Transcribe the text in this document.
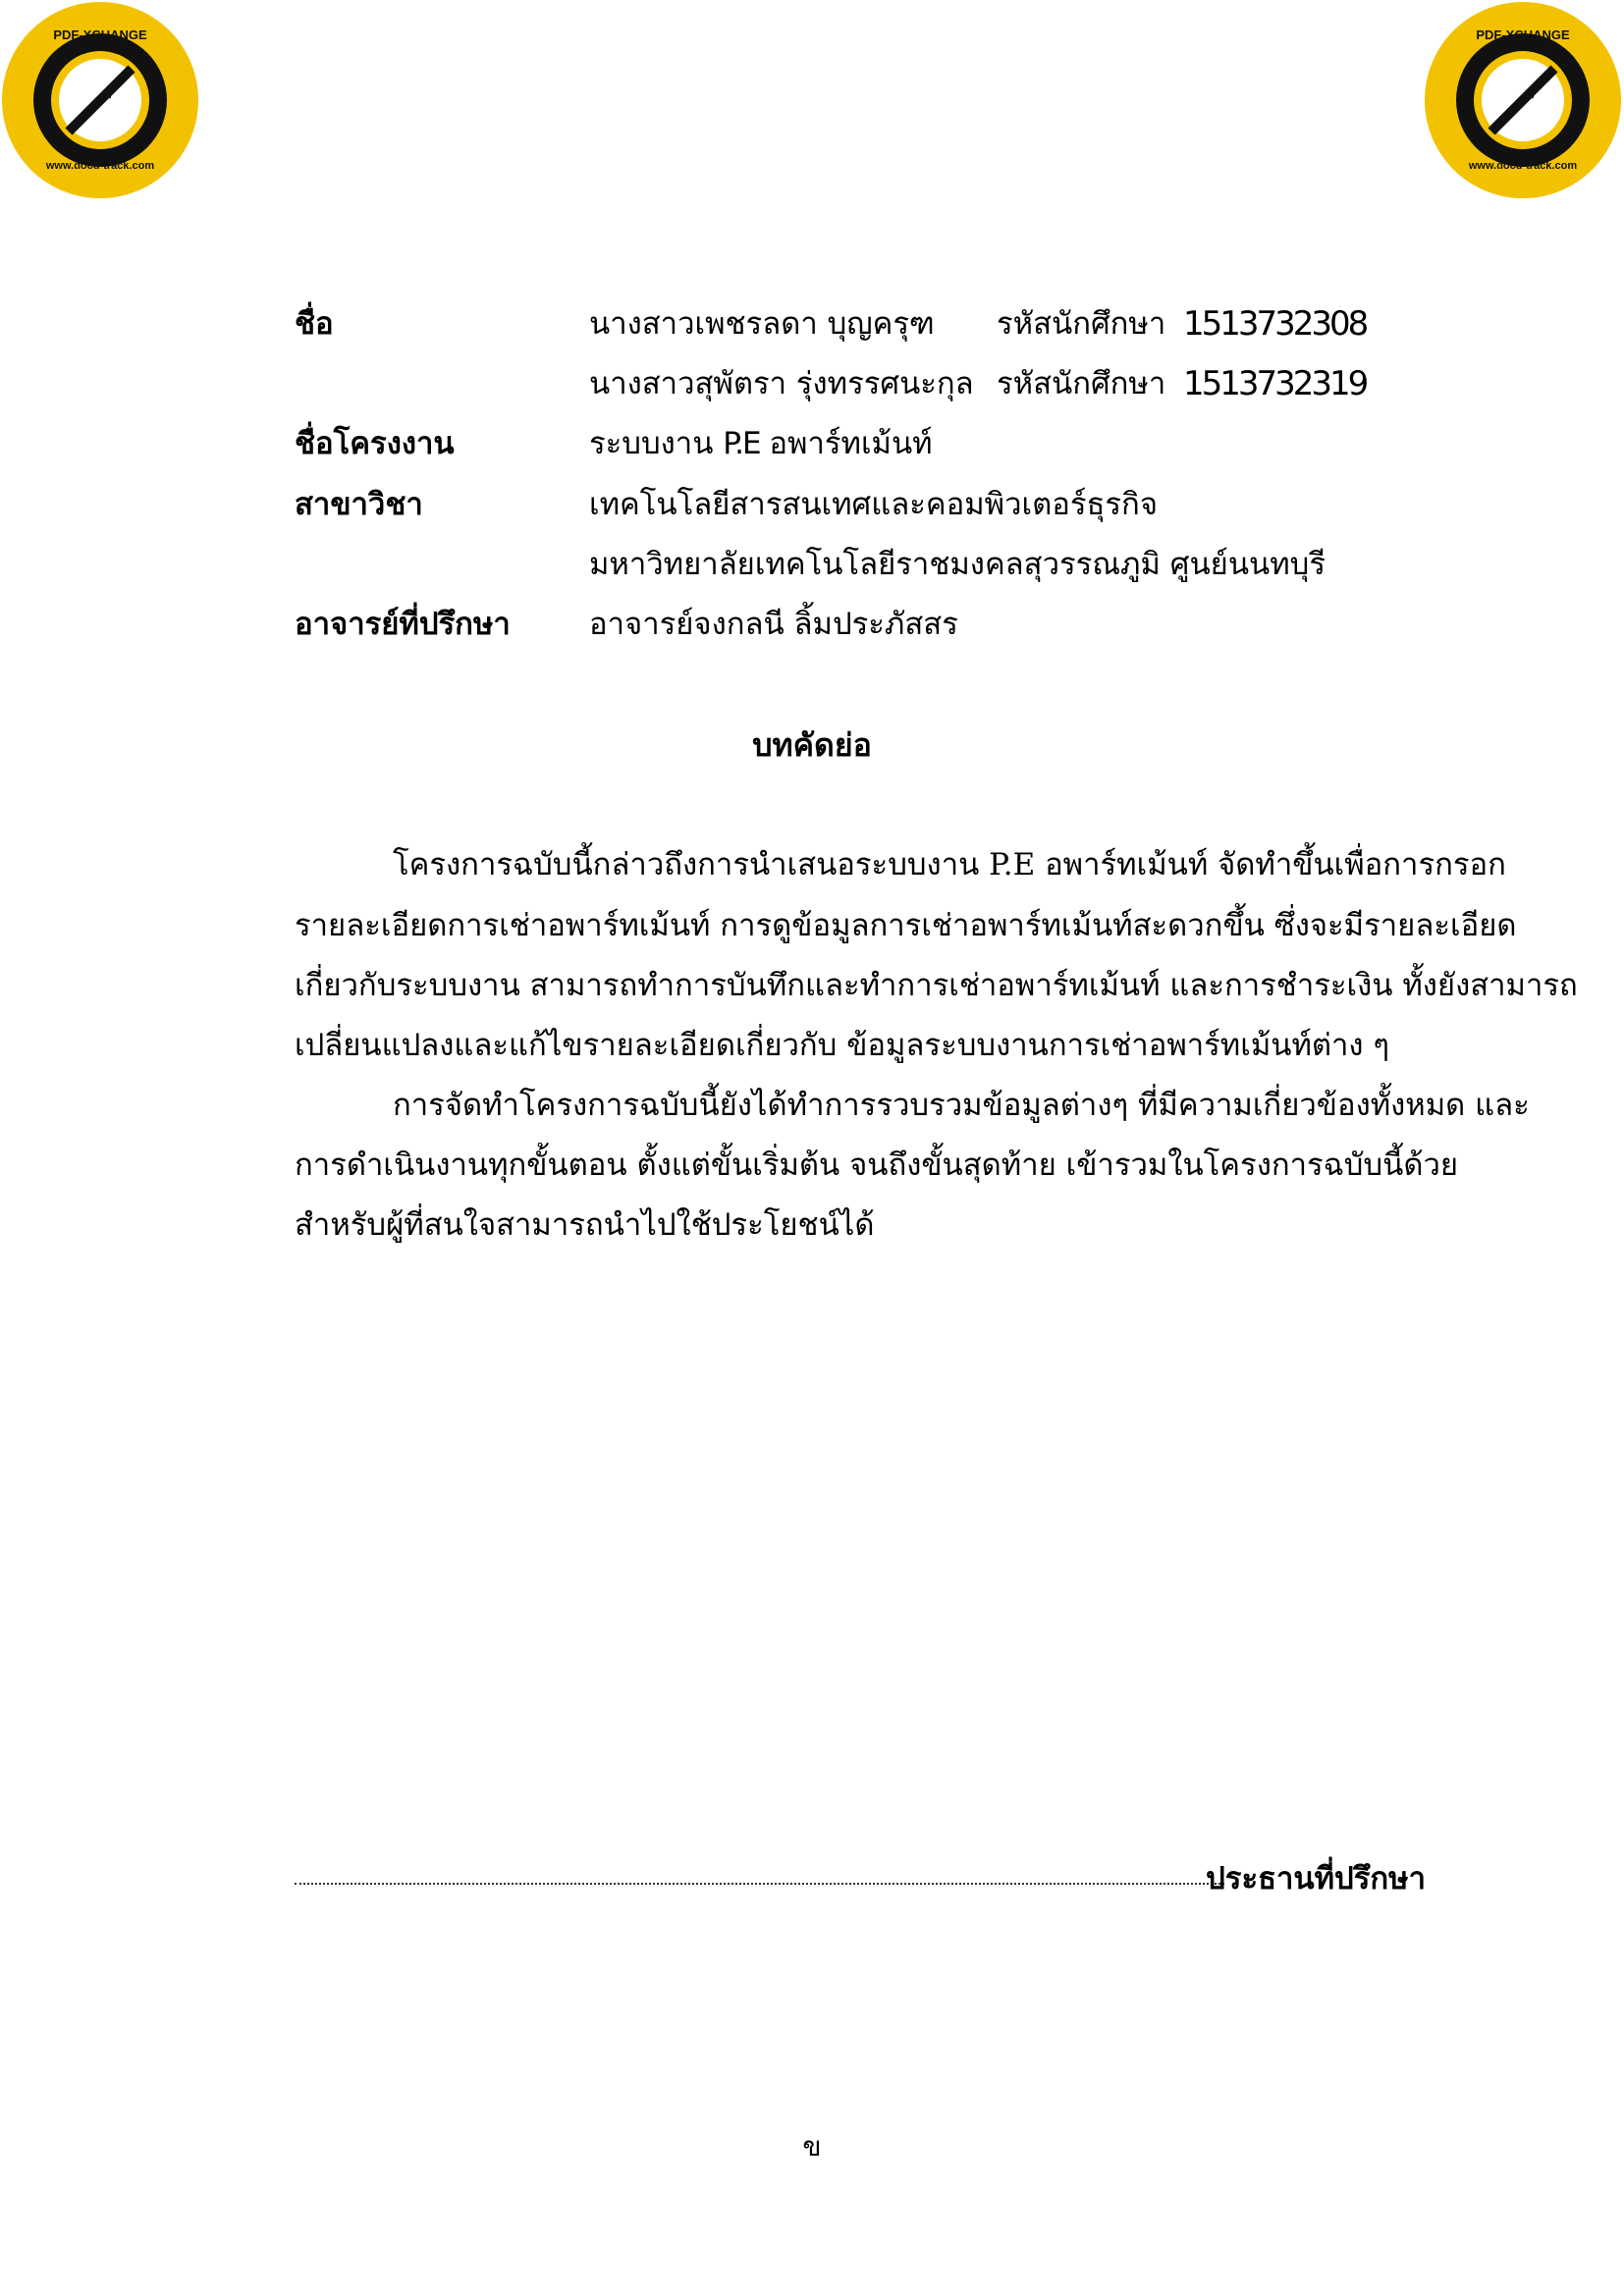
PDF-XCHANGE
Click to buy NOW!
www.docu-track.com
PDF-XCHANGE
Click to buy NOW!
www.docu-track.com
ชื่อ	นางสาวเพชรลดา บุญครุฑ รหัสนักศึกษา 1513732308
นางสาวสุพัตรา รุ่งทรรศนะกุล รหัสนักศึกษา 1513732319
ชื่อโครงงาน	ระบบงาน P.E อพาร์ทเม้นท์
สาขาวิชา	เทคโนโลยีสารสนเทศและคอมพิวเตอร์ธุรกิจ
มหาวิทยาลัยเทคโนโลยีราชมงคลสุวรรณภูมิ ศูนย์นนทบุรี
อาจารย์ที่ปรึกษา	อาจารย์จงกลนี ลิ้มประภัสสร
บทคัดย่อ
โครงการฉบับนี้กล่าวถึงการนำเสนอระบบงาน P.E อพาร์ทเม้นท์ จัดทำขึ้นเพื่อการกรอก
รายละเอียดการเช่าอพาร์ทเม้นท์ การดูข้อมูลการเช่าอพาร์ทเม้นท์สะดวกขึ้น ซึ่งจะมีรายละเอียด
เกี่ยวกับระบบงาน สามารถทำการบันทึกและทำการเช่าอพาร์ทเม้นท์ และการชำระเงิน ทั้งยังสามารถ
เปลี่ยนแปลงและแก้ไขรายละเอียดเกี่ยวกับ ข้อมูลระบบงานการเช่าอพาร์ทเม้นท์ต่าง ๆ
การจัดทำโครงการฉบับนี้ยังได้ทำการรวบรวมข้อมูลต่างๆ ที่มีความเกี่ยวข้องทั้งหมด และ
การดำเนินงานทุกขั้นตอน ตั้งแต่ขั้นเริ่มต้น จนถึงขั้นสุดท้าย เข้ารวมในโครงการฉบับนี้ด้วย
สำหรับผู้ที่สนใจสามารถนำไปใช้ประโยชน์ได้
ประธานที่ปรึกษา
ข
